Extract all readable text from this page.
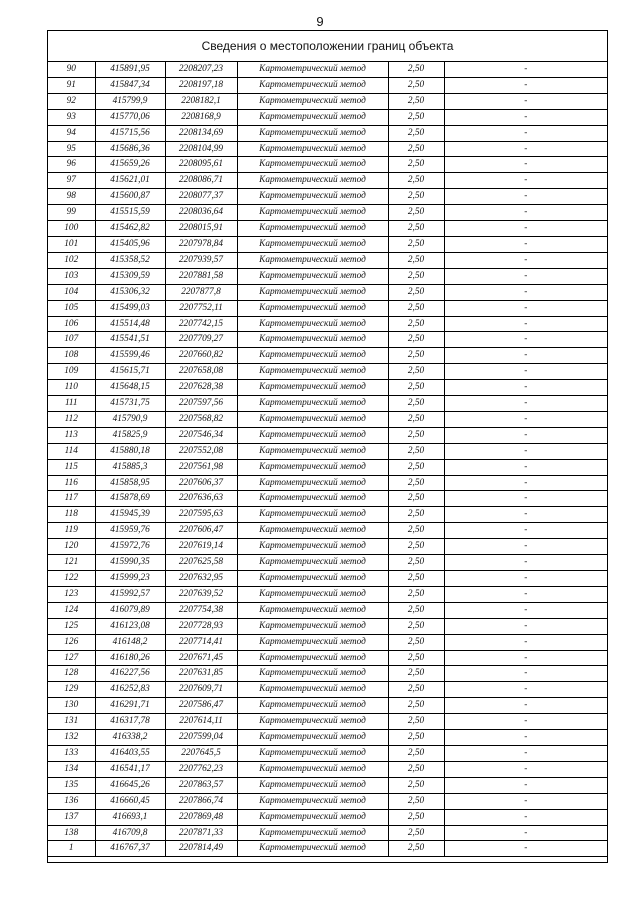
9
Сведения о местоположении границ объекта
90	415891,95	2208207,23	Картометрический метод	2,50	-
91	415847,34	2208197,18	Картометрический метод	2,50	-
92	415799,9	2208182,1	Картометрический метод	2,50	-
93	415770,06	2208168,9	Картометрический метод	2,50	-
94	415715,56	2208134,69	Картометрический метод	2,50	-
95	415686,36	2208104,99	Картометрический метод	2,50	-
96	415659,26	2208095,61	Картометрический метод	2,50	-
97	415621,01	2208086,71	Картометрический метод	2,50	-
98	415600,87	2208077,37	Картометрический метод	2,50	-
99	415515,59	2208036,64	Картометрический метод	2,50	-
100	415462,82	2208015,91	Картометрический метод	2,50	-
101	415405,96	2207978,84	Картометрический метод	2,50	-
102	415358,52	2207939,57	Картометрический метод	2,50	-
103	415309,59	2207881,58	Картометрический метод	2,50	-
104	415306,32	2207877,8	Картометрический метод	2,50	-
105	415499,03	2207752,11	Картометрический метод	2,50	-
106	415514,48	2207742,15	Картометрический метод	2,50	-
107	415541,51	2207709,27	Картометрический метод	2,50	-
108	415599,46	2207660,82	Картометрический метод	2,50	-
109	415615,71	2207658,08	Картометрический метод	2,50	-
110	415648,15	2207628,38	Картометрический метод	2,50	-
111	415731,75	2207597,56	Картометрический метод	2,50	-
112	415790,9	2207568,82	Картометрический метод	2,50	-
113	415825,9	2207546,34	Картометрический метод	2,50	-
114	415880,18	2207552,08	Картометрический метод	2,50	-
115	415885,3	2207561,98	Картометрический метод	2,50	-
116	415858,95	2207606,37	Картометрический метод	2,50	-
117	415878,69	2207636,63	Картометрический метод	2,50	-
118	415945,39	2207595,63	Картометрический метод	2,50	-
119	415959,76	2207606,47	Картометрический метод	2,50	-
120	415972,76	2207619,14	Картометрический метод	2,50	-
121	415990,35	2207625,58	Картометрический метод	2,50	-
122	415999,23	2207632,95	Картометрический метод	2,50	-
123	415992,57	2207639,52	Картометрический метод	2,50	-
124	416079,89	2207754,38	Картометрический метод	2,50	-
125	416123,08	2207728,93	Картометрический метод	2,50	-
126	416148,2	2207714,41	Картометрический метод	2,50	-
127	416180,26	2207671,45	Картометрический метод	2,50	-
128	416227,56	2207631,85	Картометрический метод	2,50	-
129	416252,83	2207609,71	Картометрический метод	2,50	-
130	416291,71	2207586,47	Картометрический метод	2,50	-
131	416317,78	2207614,11	Картометрический метод	2,50	-
132	416338,2	2207599,04	Картометрический метод	2,50	-
133	416403,55	2207645,5	Картометрический метод	2,50	-
134	416541,17	2207762,23	Картометрический метод	2,50	-
135	416645,26	2207863,57	Картометрический метод	2,50	-
136	416660,45	2207866,74	Картометрический метод	2,50	-
137	416693,1	2207869,48	Картометрический метод	2,50	-
138	416709,8	2207871,33	Картометрический метод	2,50	-
1	416767,37	2207814,49	Картометрический метод	2,50	-
